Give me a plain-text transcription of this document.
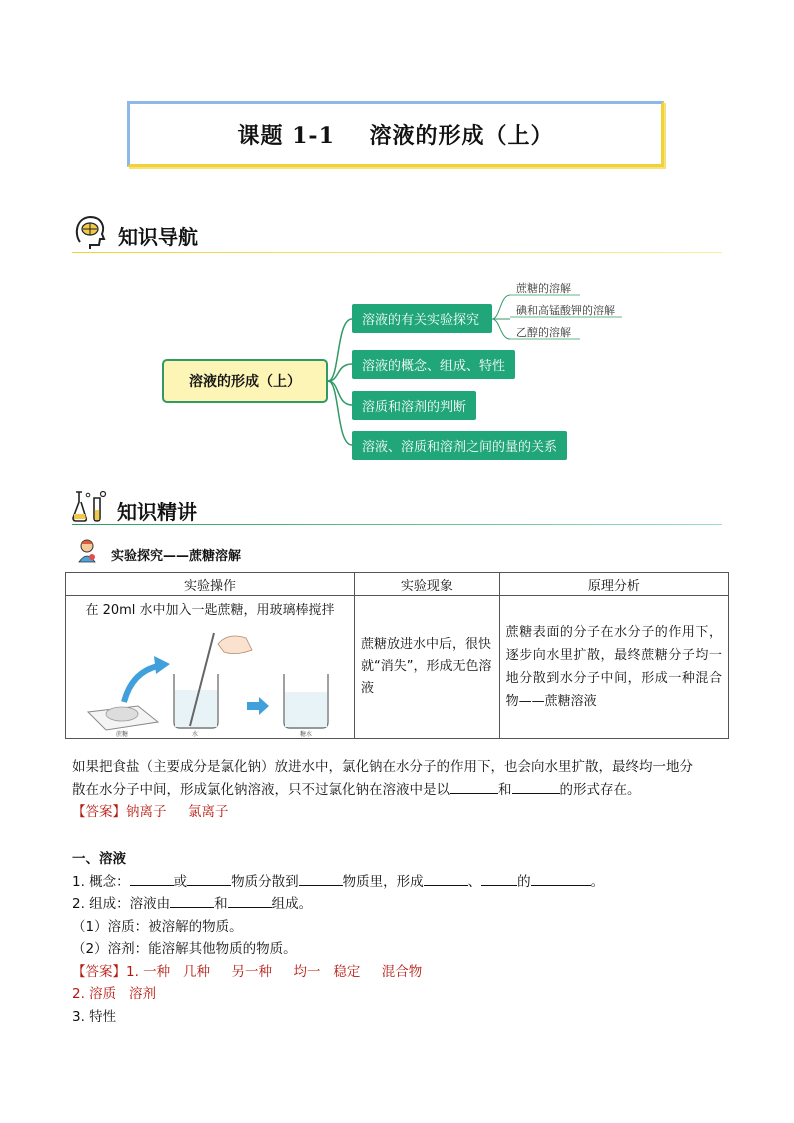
课题 1-1    溶液的形成（上）
知识导航
溶液的形成（上）
溶液的有关实验探究
溶液的概念、组成、特性
溶质和溶剂的判断
溶液、溶质和溶剂之间的量的关系
蔗糖的溶解
碘和高锰酸钾的溶解
乙醇的溶解
知识精讲
实验探究——蔗糖溶解
实验操作	实验现象	原理分析

在 20ml 水中加入一匙蔗糖，用玻璃棒搅拌
蔗糖 水 糖水	蔗糖放进水中后，很快就“消失”，形成无色溶液	蔗糖表面的分子在水分子的作用下，逐步向水里扩散，最终蔗糖分子均一地分散到水分子中间，形成一种混合物——蔗糖溶液
如果把食盐（主要成分是氯化钠）放进水中，氯化钠在水分子的作用下，也会向水里扩散，最终均一地分
散在水分子中间，形成氯化钠溶液，只不过氯化钠在溶液中是以	和	的形式存在。
【答案】钠离子     氯离子
一、溶液
1. 概念：	或	物质分散到	物质里，形成	、	的	。
2. 组成：溶液由	和	组成。
（1）溶质：被溶解的物质。
（2）溶剂：能溶解其他物质的物质。
【答案】1. 一种   几种     另一种     均一   稳定     混合物
2. 溶质   溶剂
3. 特性
